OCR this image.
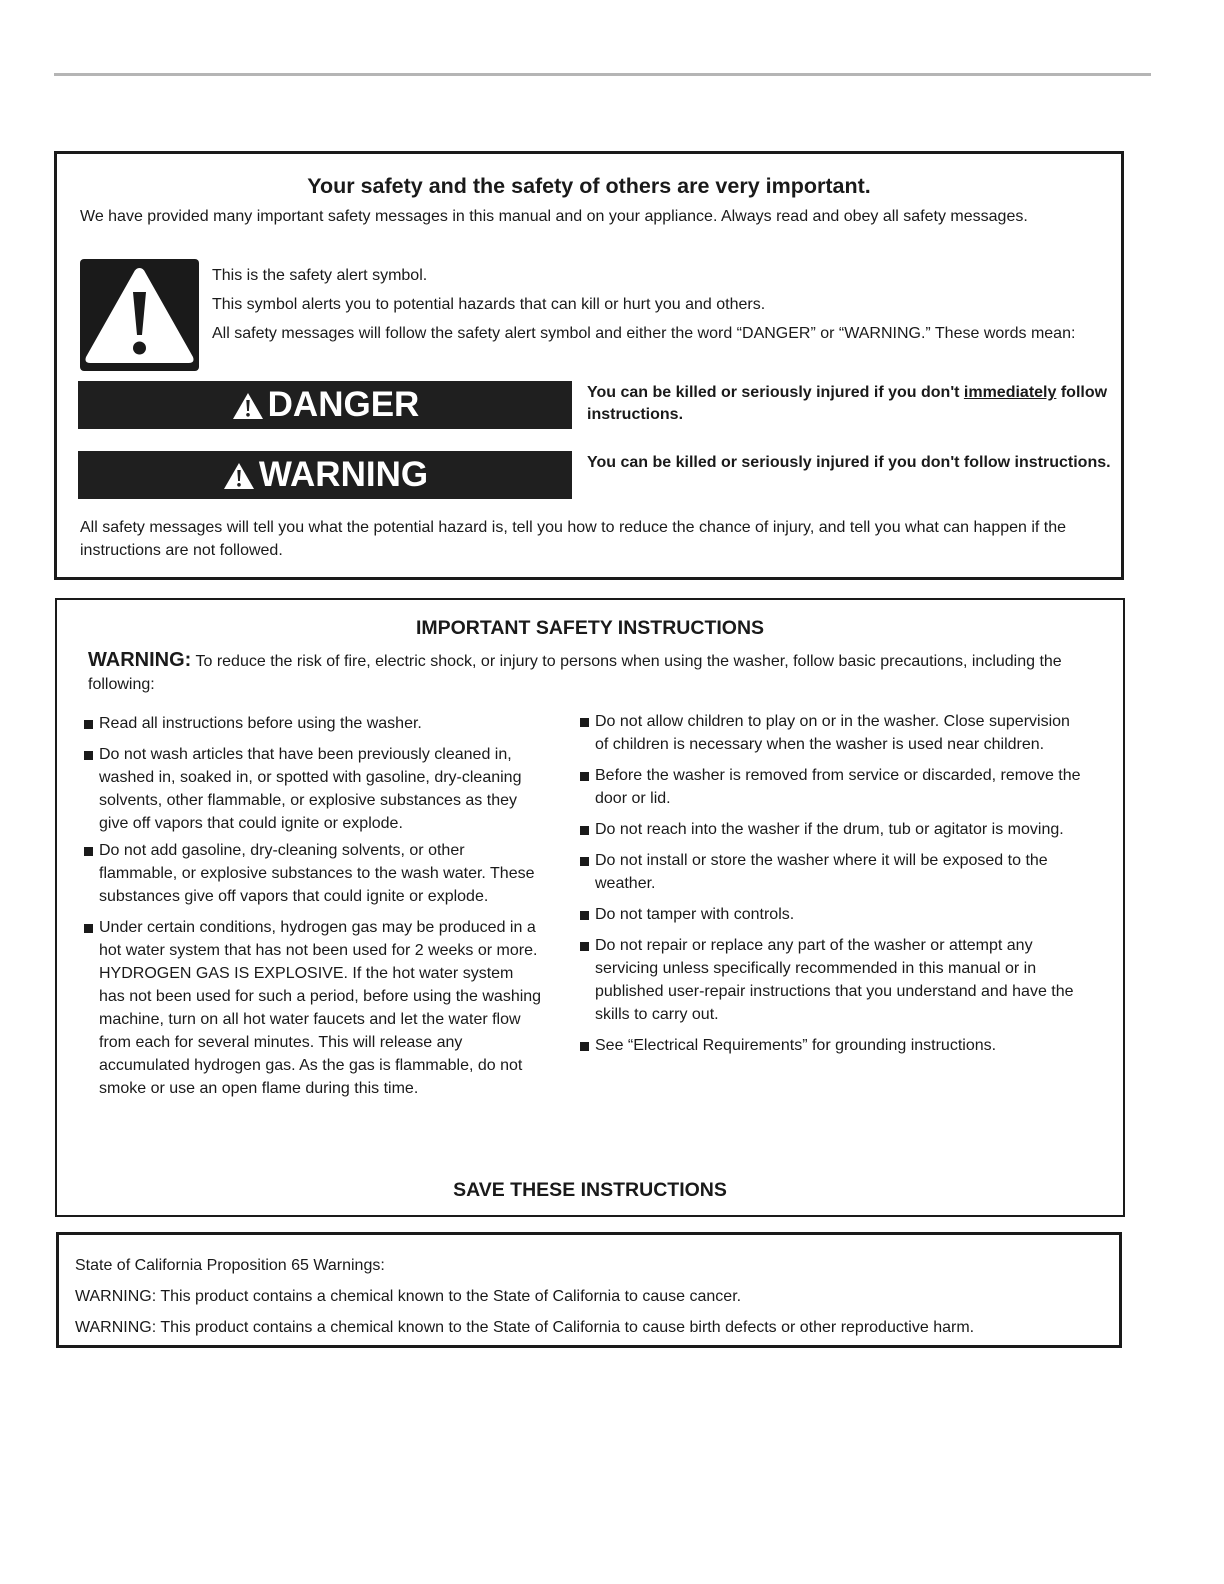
Your safety and the safety of others are very important.
We have provided many important safety messages in this manual and on your appliance. Always read and obey all safety messages.
This is the safety alert symbol.
This symbol alerts you to potential hazards that can kill or hurt you and others.
All safety messages will follow the safety alert symbol and either the word “DANGER” or “WARNING.” These words mean:
DANGER	You can be killed or seriously injured if you don't immediately follow instructions.
WARNING	You can be killed or seriously injured if you don't follow instructions.
All safety messages will tell you what the potential hazard is, tell you how to reduce the chance of injury, and tell you what can happen if the instructions are not followed.
IMPORTANT SAFETY INSTRUCTIONS
WARNING: To reduce the risk of fire, electric shock, or injury to persons when using the washer, follow basic precautions, including the following:
Read all instructions before using the washer.
Do not wash articles that have been previously cleaned in, washed in, soaked in, or spotted with gasoline, dry-cleaning solvents, other flammable, or explosive substances as they give off vapors that could ignite or explode.
Do not add gasoline, dry-cleaning solvents, or other flammable, or explosive substances to the wash water. These substances give off vapors that could ignite or explode.
Under certain conditions, hydrogen gas may be produced in a hot water system that has not been used for 2 weeks or more. HYDROGEN GAS IS EXPLOSIVE. If the hot water system has not been used for such a period, before using the washing machine, turn on all hot water faucets and let the water flow from each for several minutes. This will release any accumulated hydrogen gas. As the gas is flammable, do not smoke or use an open flame during this time.
Do not allow children to play on or in the washer. Close supervision of children is necessary when the washer is used near children.
Before the washer is removed from service or discarded, remove the door or lid.
Do not reach into the washer if the drum, tub or agitator is moving.
Do not install or store the washer where it will be exposed to the weather.
Do not tamper with controls.
Do not repair or replace any part of the washer or attempt any servicing unless specifically recommended in this manual or in published user-repair instructions that you understand and have the skills to carry out.
See “Electrical Requirements” for grounding instructions.
SAVE THESE INSTRUCTIONS
State of California Proposition 65 Warnings:
WARNING: This product contains a chemical known to the State of California to cause cancer.
WARNING: This product contains a chemical known to the State of California to cause birth defects or other reproductive harm.
